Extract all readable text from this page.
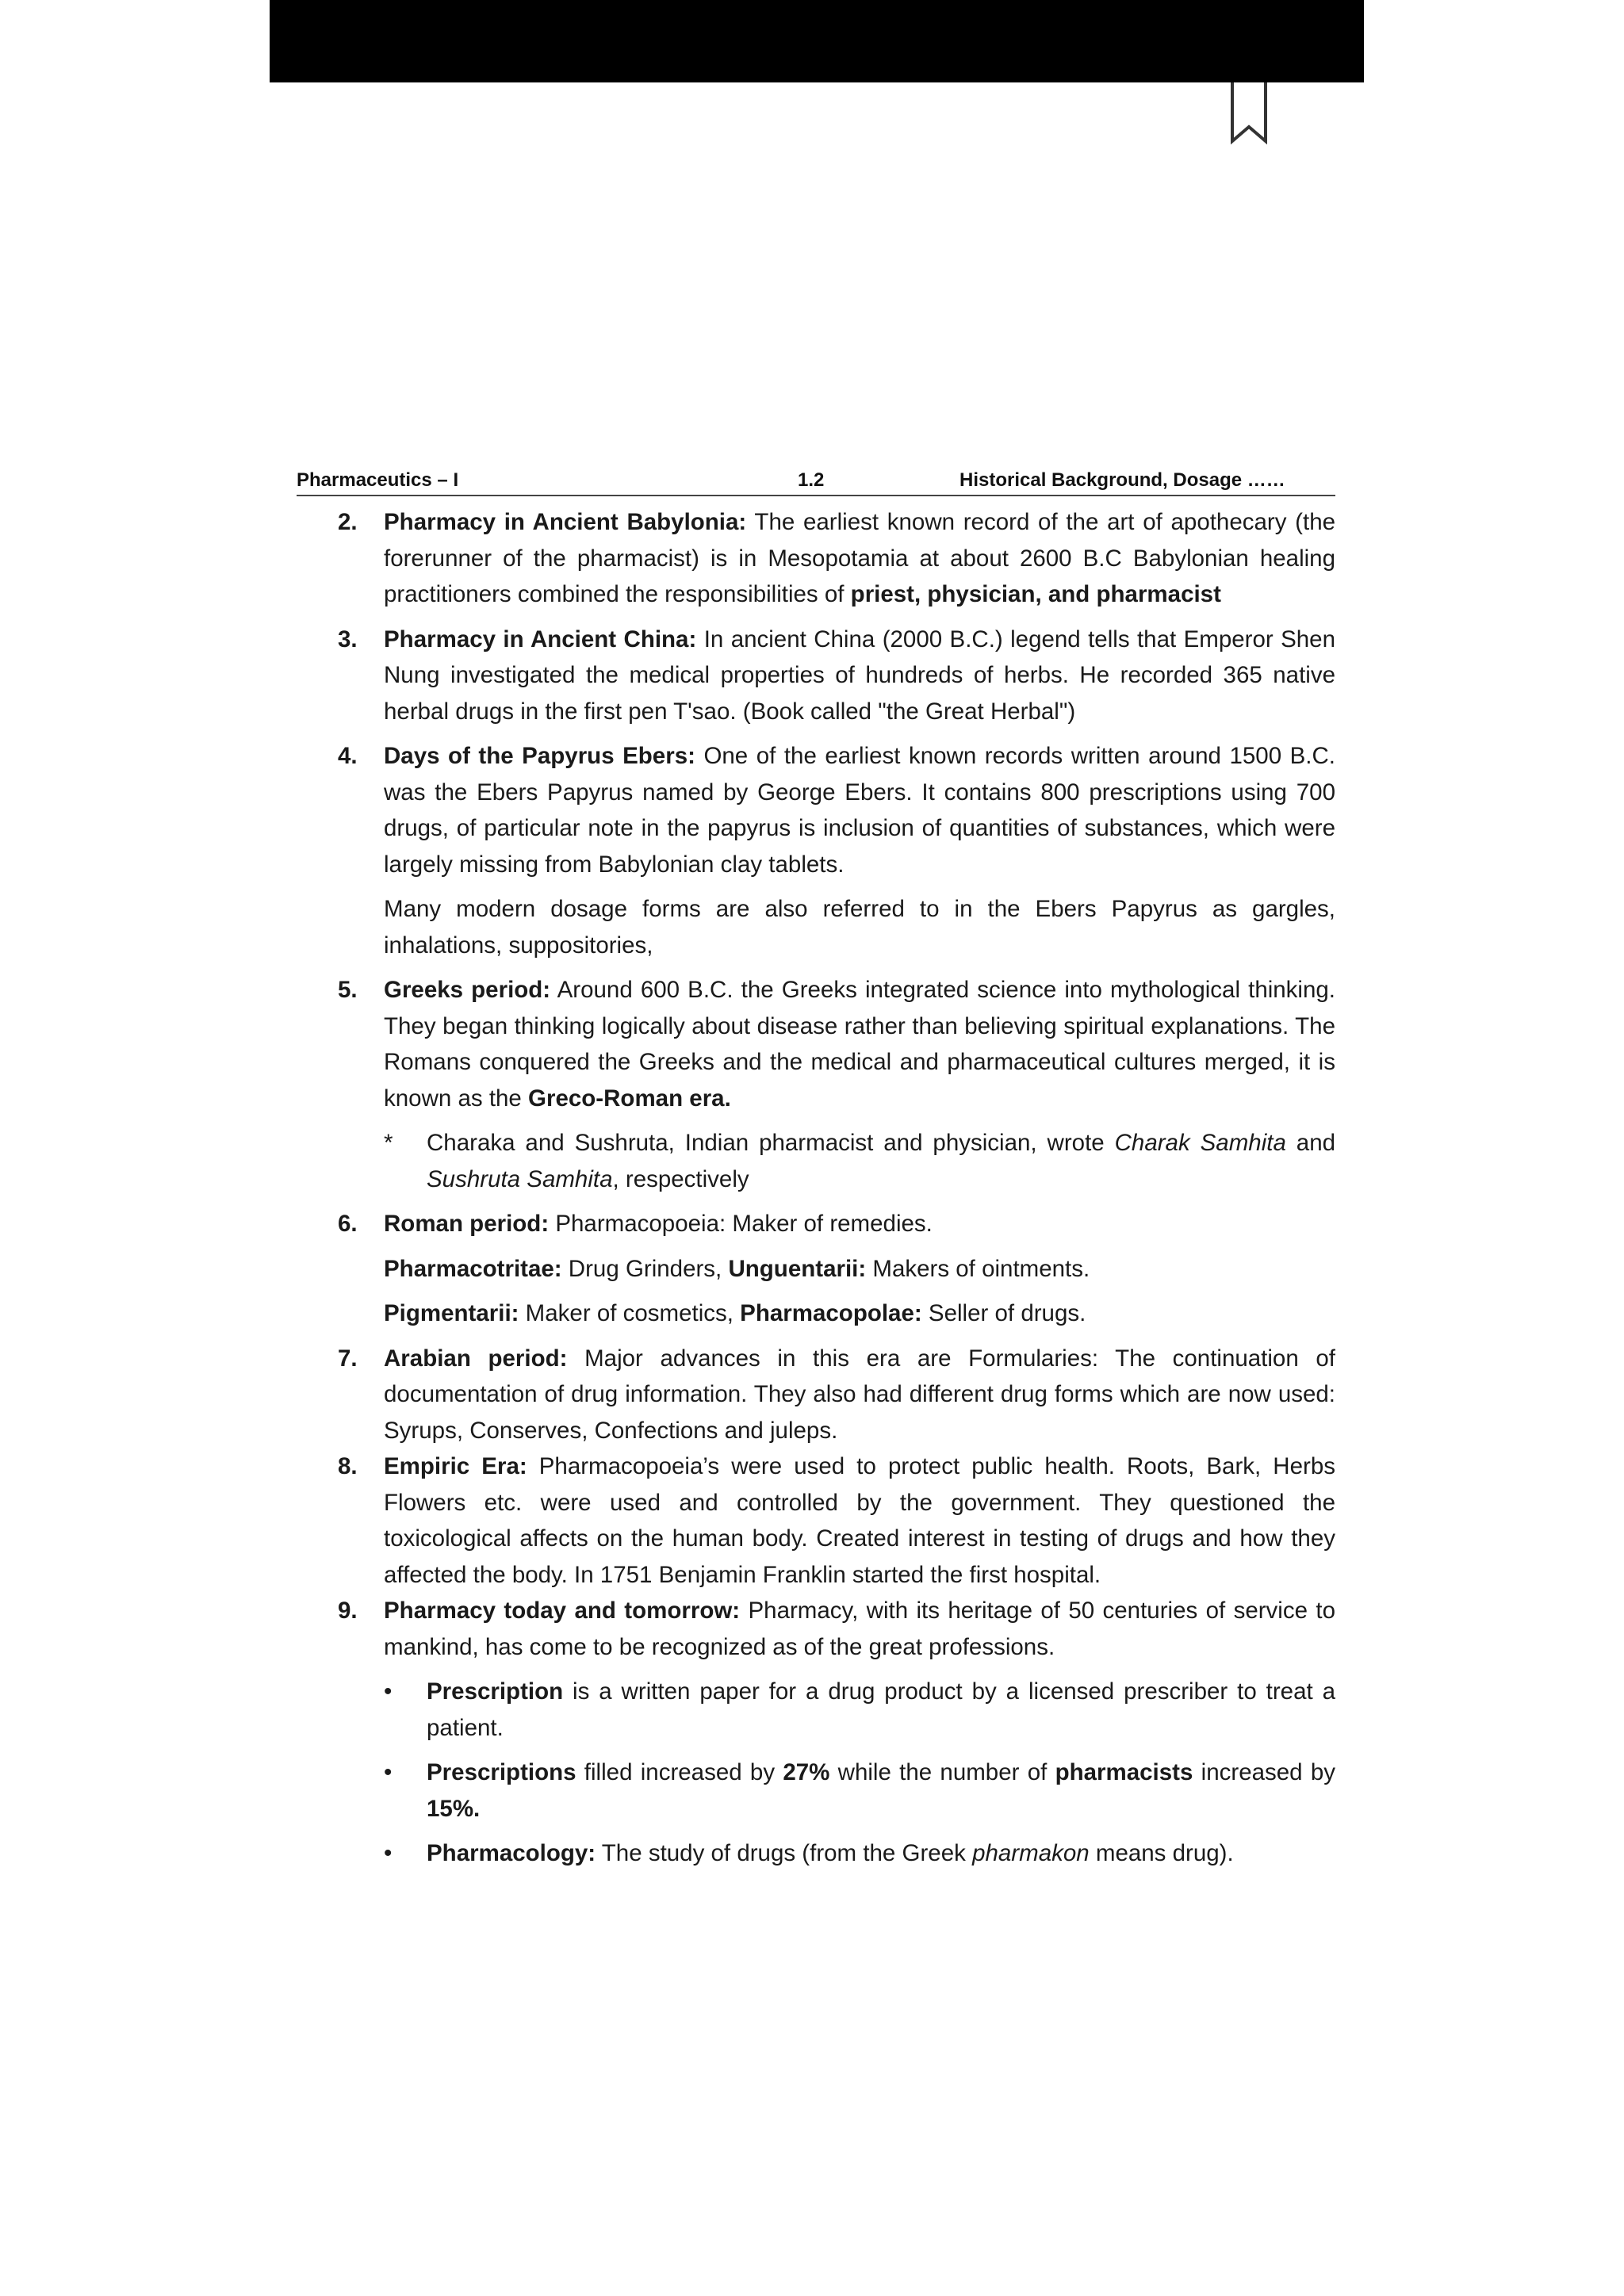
Pharmaceutics – I	1.2	Historical Background, Dosage ……
2. Pharmacy in Ancient Babylonia: The earliest known record of the art of apothecary (the forerunner of the pharmacist) is in Mesopotamia at about 2600 B.C Babylonian healing practitioners combined the responsibilities of priest, physician, and pharmacist

3. Pharmacy in Ancient China: In ancient China (2000 B.C.) legend tells that Emperor Shen Nung investigated the medical properties of hundreds of herbs. He recorded 365 native herbal drugs in the first pen T'sao. (Book called "the Great Herbal")

4. Days of the Papyrus Ebers: One of the earliest known records written around 1500 B.C. was the Ebers Papyrus named by George Ebers. It contains 800 prescriptions using 700 drugs, of particular note in the papyrus is inclusion of quantities of substances, which were largely missing from Babylonian clay tablets.

Many modern dosage forms are also referred to in the Ebers Papyrus as gargles, inhalations, suppositories,

5. Greeks period: Around 600 B.C. the Greeks integrated science into mythological thinking. They began thinking logically about disease rather than believing spiritual explanations. The Romans conquered the Greeks and the medical and pharmaceutical cultures merged, it is known as the Greco-Roman era.

* Charaka and Sushruta, Indian pharmacist and physician, wrote Charak Samhita and Sushruta Samhita, respectively
6. Roman period: Pharmacopoeia: Maker of remedies.

Pharmacotritae: Drug Grinders, Unguentarii: Makers of ointments.

Pigmentarii: Maker of cosmetics, Pharmacopolae: Seller of drugs.

7. Arabian period: Major advances in this era are Formularies: The continuation of documentation of drug information. They also had different drug forms which are now used: Syrups, Conserves, Confections and juleps.

8. Empiric Era: Pharmacopoeia’s were used to protect public health. Roots, Bark, Herbs Flowers etc. were used and controlled by the government. They questioned the toxicological affects on the human body. Created interest in testing of drugs and how they affected the body. In 1751 Benjamin Franklin started the first hospital.

9. Pharmacy today and tomorrow: Pharmacy, with its heritage of 50 centuries of service to mankind, has come to be recognized as of the great professions.

• Prescription is a written paper for a drug product by a licensed prescriber to treat a patient.
• Prescriptions filled increased by 27% while the number of pharmacists increased by 15%.
• Pharmacology: The study of drugs (from the Greek pharmakon means drug).
